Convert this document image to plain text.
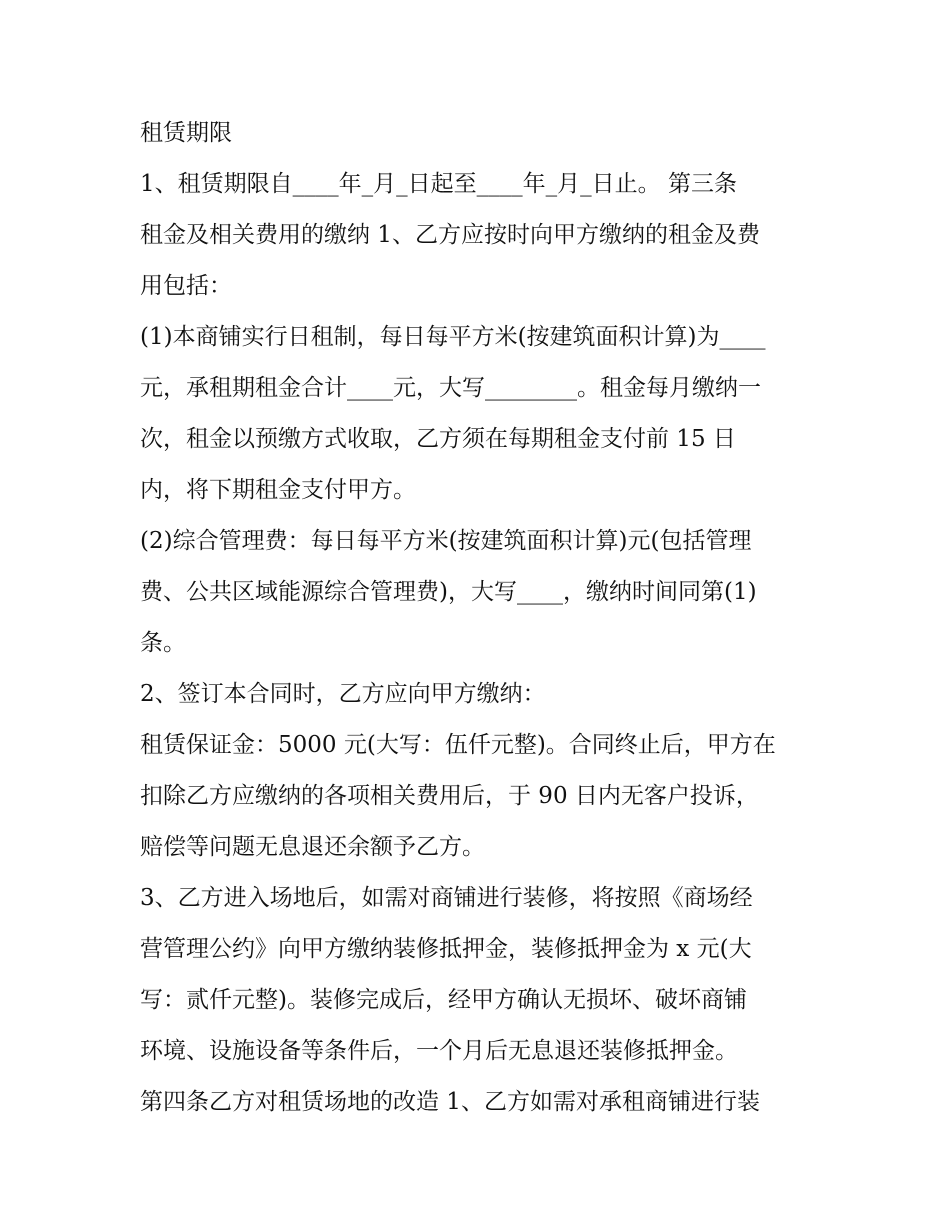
租赁期限

1、租赁期限自____年_月_日起至____年_月_日止。 第三条

租金及相关费用的缴纳 1、乙方应按时向甲方缴纳的租金及费

用包括：

(1)本商铺实行日租制，每日每平方米(按建筑面积计算)为____

元，承租期租金合计____元，大写________。租金每月缴纳一

次，租金以预缴方式收取，乙方须在每期租金支付前 15 日

内，将下期租金支付甲方。

(2)综合管理费：每日每平方米(按建筑面积计算)元(包括管理

费、公共区域能源综合管理费)，大写____，缴纳时间同第(1)

条。

2、签订本合同时，乙方应向甲方缴纳：

租赁保证金：5000 元(大写：伍仟元整)。合同终止后，甲方在

扣除乙方应缴纳的各项相关费用后，于 90 日内无客户投诉，

赔偿等问题无息退还余额予乙方。

3、乙方进入场地后，如需对商铺进行装修，将按照《商场经

营管理公约》向甲方缴纳装修抵押金，装修抵押金为 x 元(大

写：贰仟元整)。装修完成后，经甲方确认无损坏、破坏商铺

环境、设施设备等条件后，一个月后无息退还装修抵押金。

第四条乙方对租赁场地的改造 1、乙方如需对承租商铺进行装
